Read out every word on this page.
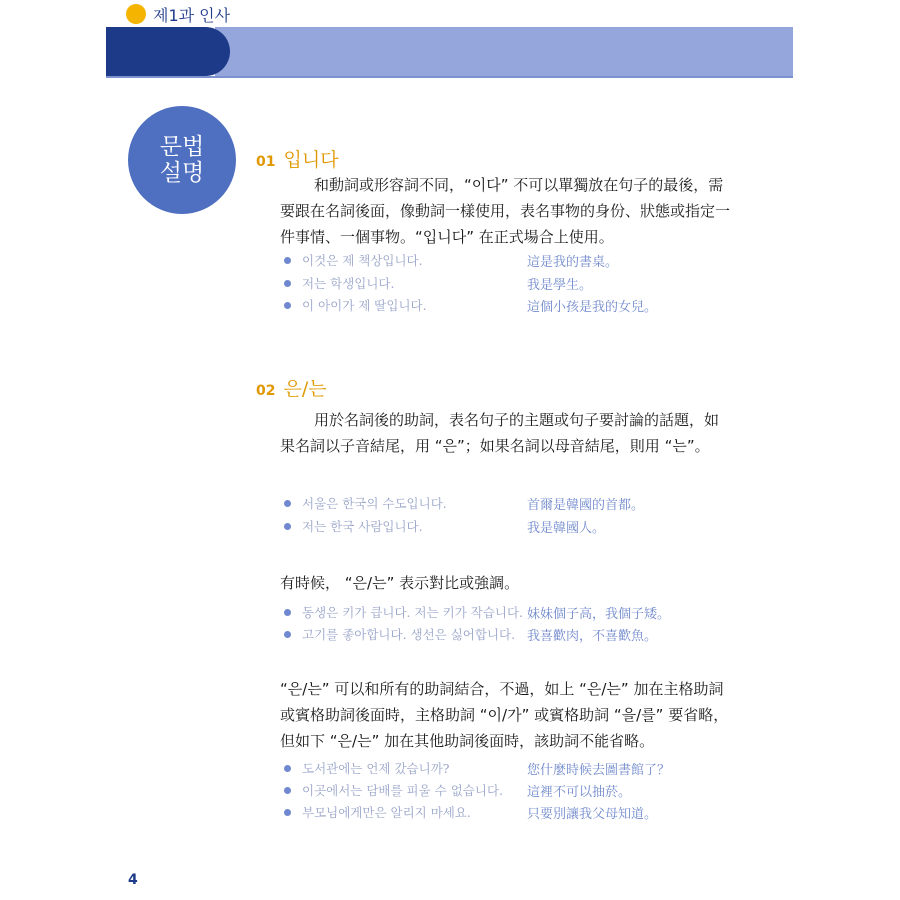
제1과 인사
문법
설명	01 입니다
和動詞或形容詞不同，“이다” 不可以單獨放在句子的最後，需要跟在名詞後面，像動詞一樣使用，表名事物的身份、狀態或指定一件事情、一個事物。“입니다” 在正式場合上使用。
이것은 제 책상입니다.	這是我的書桌。
저는 학생입니다.	我是學生。
이 아이가 제 딸입니다.	這個小孩是我的女兒。
02 은/는
用於名詞後的助詞，表名句子的主題或句子要討論的話題，如果名詞以子音結尾，用 “은”；如果名詞以母音結尾，則用 “는”。
서울은 한국의 수도입니다.	首爾是韓國的首都。
저는 한국 사람입니다.	我是韓國人。
有時候， “은/는” 表示對比或強調。
동생은 키가 큽니다. 저는 키가 작습니다. 妹妹個子高，我個子矮。
고기를 좋아합니다. 생선은 싫어합니다. 我喜歡肉，不喜歡魚。
“은/는” 可以和所有的助詞結合，不過，如上 “은/는” 加在主格助詞或賓格助詞後面時，主格助詞 “이/가” 或賓格助詞 “을/를” 要省略，但如下 “은/는” 加在其他助詞後面時，該助詞不能省略。
도서관에는 언제 갔습니까?	您什麼時候去圖書館了？
이곳에서는 담배를 피울 수 없습니다. 這裡不可以抽菸。
부모님에게만은 알리지 마세요.	只要別讓我父母知道。
4
